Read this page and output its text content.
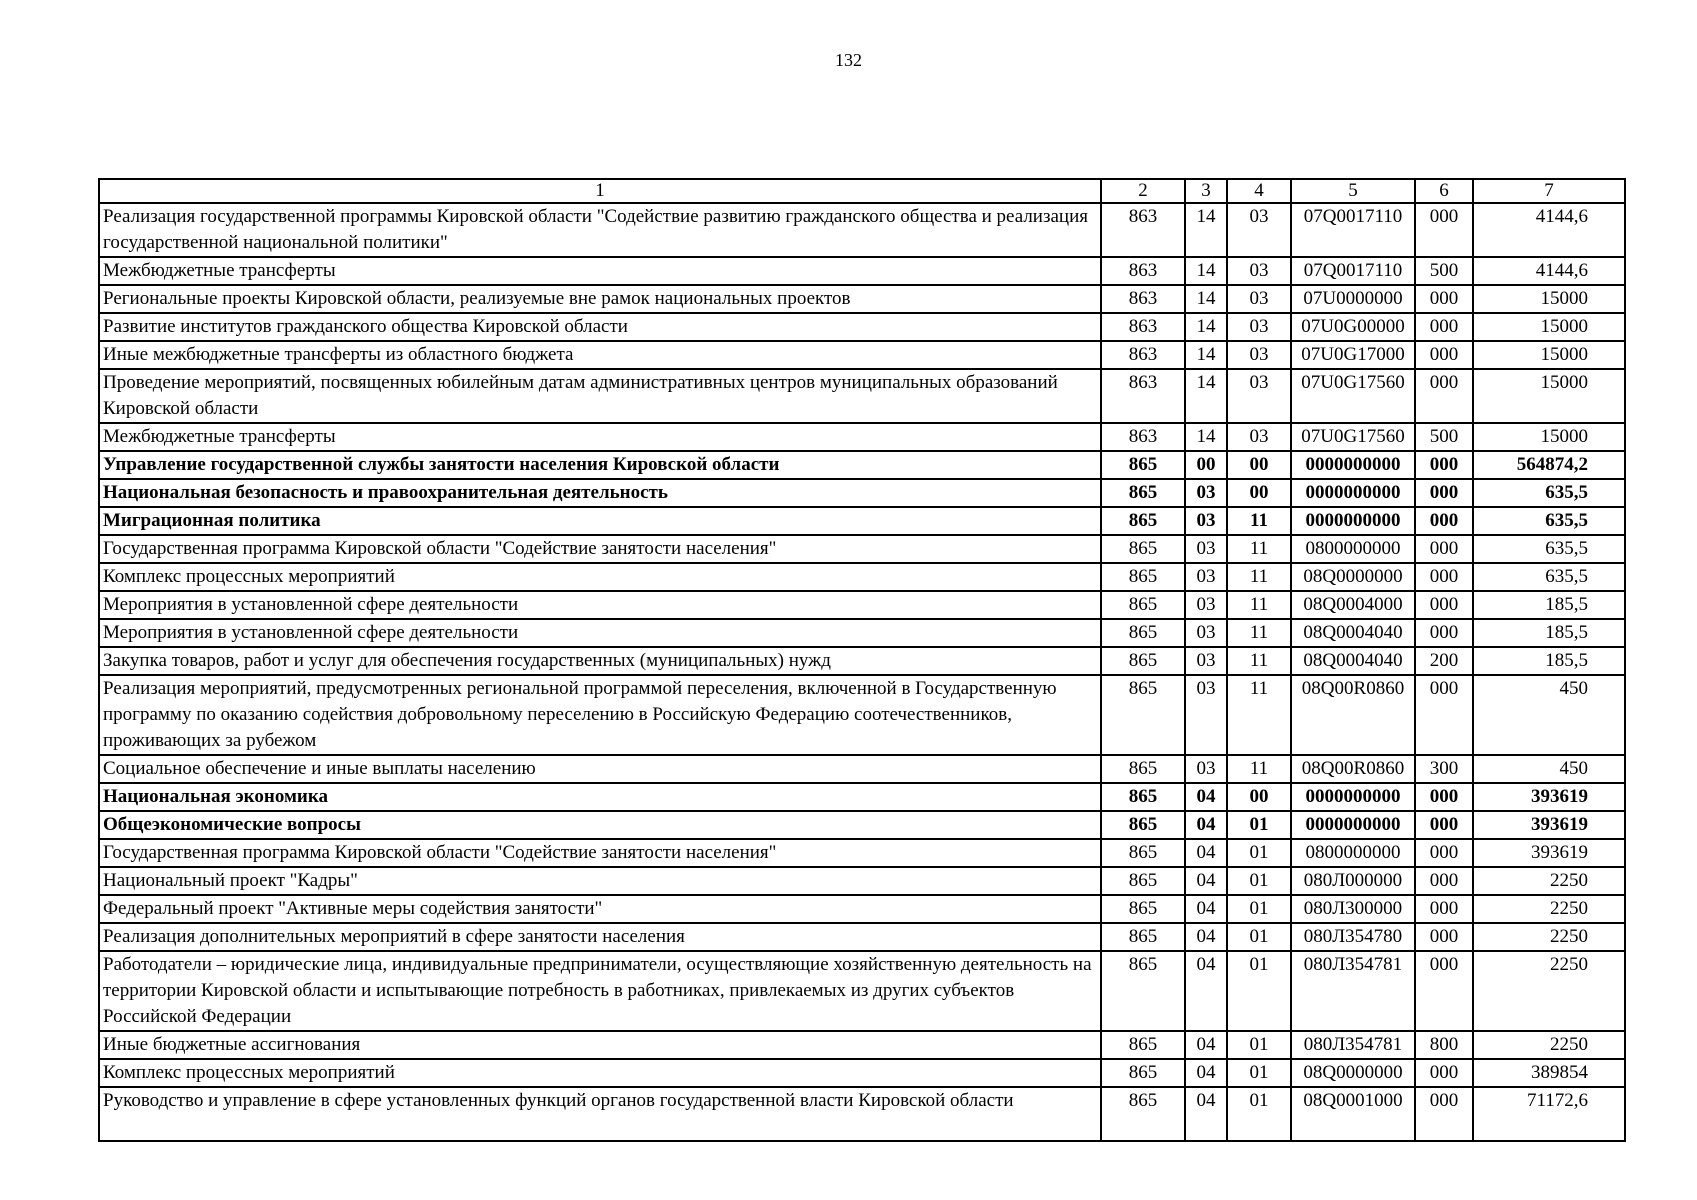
132
1	2	3	4	5	6	7
Реализация государственной программы Кировской области "Содействие развитию гражданского общества и реализация государственной национальной политики"	863	14	03	07Q0017110	000	4144,6
Межбюджетные трансферты	863	14	03	07Q0017110	500	4144,6
Региональные проекты Кировской области, реализуемые вне рамок национальных проектов	863	14	03	07U0000000	000	15000
Развитие институтов гражданского общества Кировской области	863	14	03	07U0G00000	000	15000
Иные межбюджетные трансферты из областного бюджета	863	14	03	07U0G17000	000	15000
Проведение мероприятий, посвященных юбилейным датам административных центров муниципальных образований Кировской области	863	14	03	07U0G17560	000	15000
Межбюджетные трансферты	863	14	03	07U0G17560	500	15000
Управление государственной службы занятости населения Кировской области	865	00	00	0000000000	000	564874,2
Национальная безопасность и правоохранительная деятельность	865	03	00	0000000000	000	635,5
Миграционная политика	865	03	11	0000000000	000	635,5
Государственная программа Кировской области "Содействие занятости населения"	865	03	11	0800000000	000	635,5
Комплекс процессных мероприятий	865	03	11	08Q0000000	000	635,5
Мероприятия в установленной сфере деятельности	865	03	11	08Q0004000	000	185,5
Мероприятия в установленной сфере деятельности	865	03	11	08Q0004040	000	185,5
Закупка товаров, работ и услуг для обеспечения государственных (муниципальных) нужд	865	03	11	08Q0004040	200	185,5
Реализация мероприятий, предусмотренных региональной программой переселения, включенной в Государственную программу по оказанию содействия добровольному переселению в Российскую Федерацию соотечественников, проживающих за рубежом	865	03	11	08Q00R0860	000	450
Социальное обеспечение и иные выплаты населению	865	03	11	08Q00R0860	300	450
Национальная экономика	865	04	00	0000000000	000	393619
Общеэкономические вопросы	865	04	01	0000000000	000	393619
Государственная программа Кировской области "Содействие занятости населения"	865	04	01	0800000000	000	393619
Национальный проект "Кадры"	865	04	01	080Л000000	000	2250
Федеральный проект "Активные меры содействия занятости"	865	04	01	080Л300000	000	2250
Реализация дополнительных мероприятий в сфере занятости населения	865	04	01	080Л354780	000	2250
Работодатели – юридические лица, индивидуальные предприниматели, осуществляющие хозяйственную деятельность на территории Кировской области и испытывающие потребность в работниках, привлекаемых из других субъектов Российской Федерации	865	04	01	080Л354781	000	2250
Иные бюджетные ассигнования	865	04	01	080Л354781	800	2250
Комплекс процессных мероприятий	865	04	01	08Q0000000	000	389854
Руководство и управление в сфере установленных функций органов государственной власти Кировской области	865	04	01	08Q0001000	000	71172,6
